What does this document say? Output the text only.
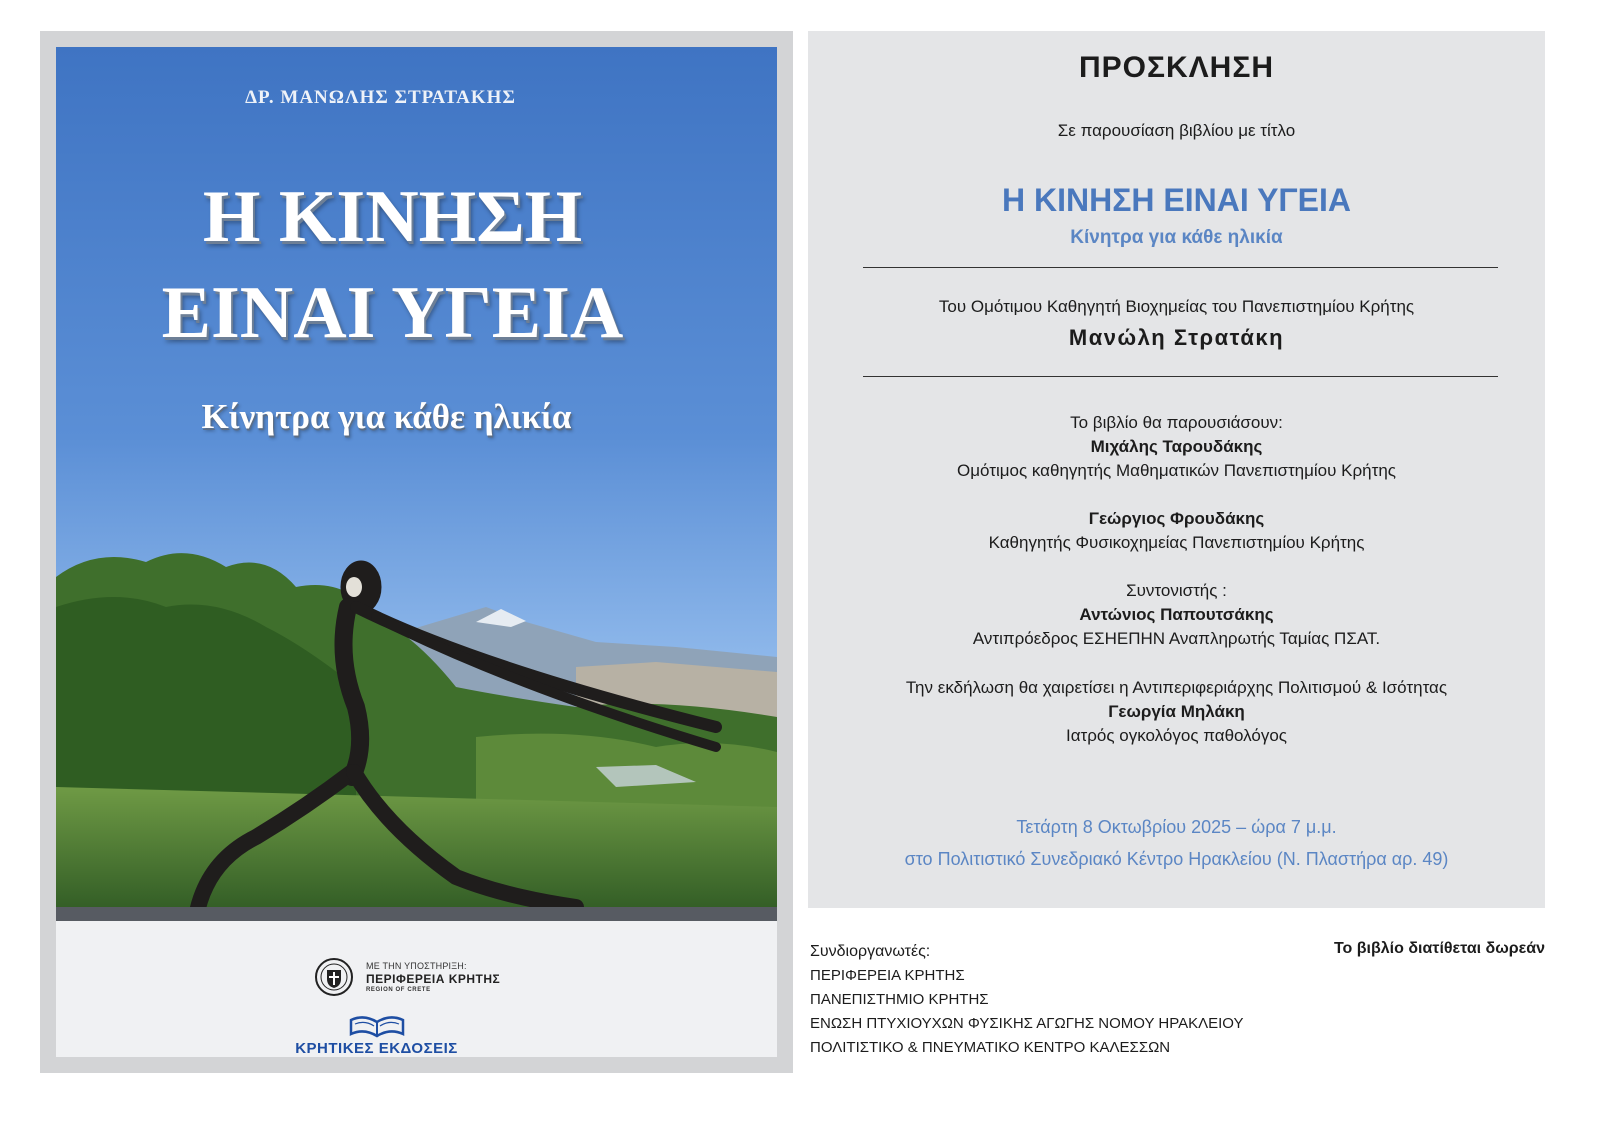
ΔΡ. ΜΑΝΩΛΗΣ ΣΤΡΑΤΑΚΗΣ
Η ΚΙΝΗΣΗ
ΕΙΝΑΙ ΥΓΕΙΑ
Κίνητρα για κάθε ηλικία
ΜΕ ΤΗΝ ΥΠΟΣΤΗΡΙΞΗ:
ΠΕΡΙΦΕΡΕΙΑ ΚΡΗΤΗΣ
REGION OF CRETE
ΚΡΗΤΙΚΕΣ ΕΚΔΟΣΕΙΣ
ΠΡΟΣΚΛΗΣΗ
Σε παρουσίαση βιβλίου με τίτλο
Η ΚΙΝΗΣΗ ΕΙΝΑΙ ΥΓΕΙΑ
Κίνητρα για κάθε ηλικία
Του Ομότιμου Καθηγητή Βιοχημείας του Πανεπιστημίου Κρήτης
Μανώλη Στρατάκη
Το βιβλίο θα παρουσιάσουν:
Μιχάλης Ταρουδάκης
Ομότιμος καθηγητής Μαθηματικών Πανεπιστημίου Κρήτης
Γεώργιος Φρουδάκης
Καθηγητής Φυσικοχημείας Πανεπιστημίου Κρήτης
Συντονιστής :
Αντώνιος Παπουτσάκης
Αντιπρόεδρος ΕΣΗΕΠΗΝ Αναπληρωτής Ταμίας ΠΣΑΤ.
Την εκδήλωση θα χαιρετίσει η Αντιπεριφεριάρχης Πολιτισμού & Ισότητας
Γεωργία Μηλάκη
Ιατρός ογκολόγος παθολόγος
Τετάρτη 8 Οκτωβρίου 2025 – ώρα 7 μ.μ.
στο Πολιτιστικό Συνεδριακό Κέντρο Ηρακλείου (Ν. Πλαστήρα αρ. 49)
Συνδιοργανωτές:
ΠΕΡΙΦΕΡΕΙΑ ΚΡΗΤΗΣ
ΠΑΝΕΠΙΣΤΗΜΙΟ ΚΡΗΤΗΣ
ΕΝΩΣΗ ΠΤΥΧΙΟΥΧΩΝ ΦΥΣΙΚΗΣ ΑΓΩΓΗΣ ΝΟΜΟΥ ΗΡΑΚΛΕΙΟΥ
ΠΟΛΙΤΙΣΤΙΚΟ & ΠΝΕΥΜΑΤΙΚΟ ΚΕΝΤΡΟ ΚΑΛΕΣΣΩΝ
Το βιβλίο διατίθεται δωρεάν
